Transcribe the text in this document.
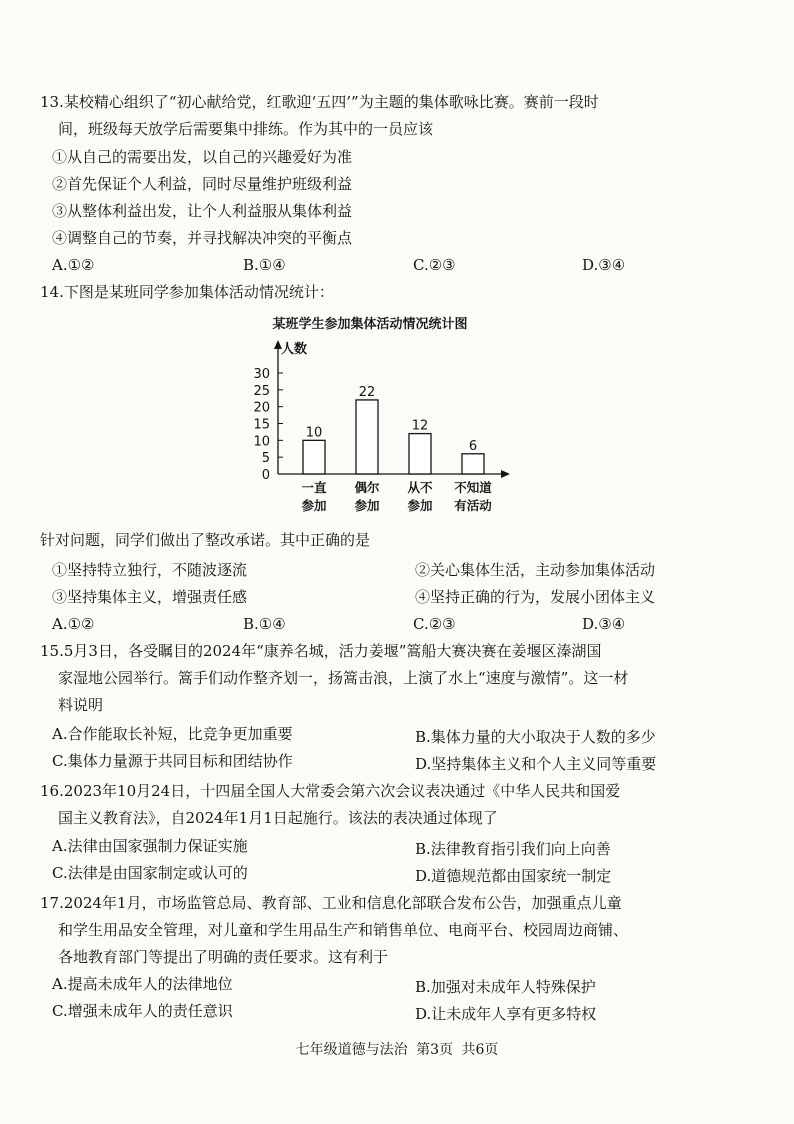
13.某校精心组织了“初心献给党，红歌迎‘五四’”为主题的集体歌咏比赛。赛前一段时
间，班级每天放学后需要集中排练。作为其中的一员应该
①从自己的需要出发，以自己的兴趣爱好为准
②首先保证个人利益，同时尽量维护班级利益
③从整体利益出发，让个人利益服从集体利益
④调整自己的节奏，并寻找解决冲突的平衡点
A.①②	B.①④	C.②③	D.③④
14.下图是某班同学参加集体活动情况统计：
某班学生参加集体活动情况统计图
人数
0
5
10
15
20
25
30
10
一直
参加
22
偶尔
参加
12
从不
参加
6
不知道
有活动
针对问题，同学们做出了整改承诺。其中正确的是
①坚持特立独行，不随波逐流	②关心集体生活，主动参加集体活动
③坚持集体主义，增强责任感	④坚持正确的行为，发展小团体主义
A.①②	B.①④	C.②③	D.③④
15.5月3日，各受瞩目的2024年“康养名城，活力姜堰”篙船大赛决赛在姜堰区溱湖国
家湿地公园举行。篙手们动作整齐划一，扬篙击浪，上演了水上“速度与激情”。这一材
料说明
A.合作能取长补短，比竞争更加重要	B.集体力量的大小取决于人数的多少
C.集体力量源于共同目标和团结协作	D.坚持集体主义和个人主义同等重要
16.2023年10月24日，十四届全国人大常委会第六次会议表决通过《中华人民共和国爱
国主义教育法》，自2024年1月1日起施行。该法的表决通过体现了
A.法律由国家强制力保证实施	B.法律教育指引我们向上向善
C.法律是由国家制定或认可的	D.道德规范都由国家统一制定
17.2024年1月，市场监管总局、教育部、工业和信息化部联合发布公告，加强重点儿童
和学生用品安全管理，对儿童和学生用品生产和销售单位、电商平台、校园周边商铺、
各地教育部门等提出了明确的责任要求。这有利于
A.提高未成年人的法律地位	B.加强对未成年人特殊保护
C.增强未成年人的责任意识	D.让未成年人享有更多特权
七年级道德与法治 第3页 共6页
